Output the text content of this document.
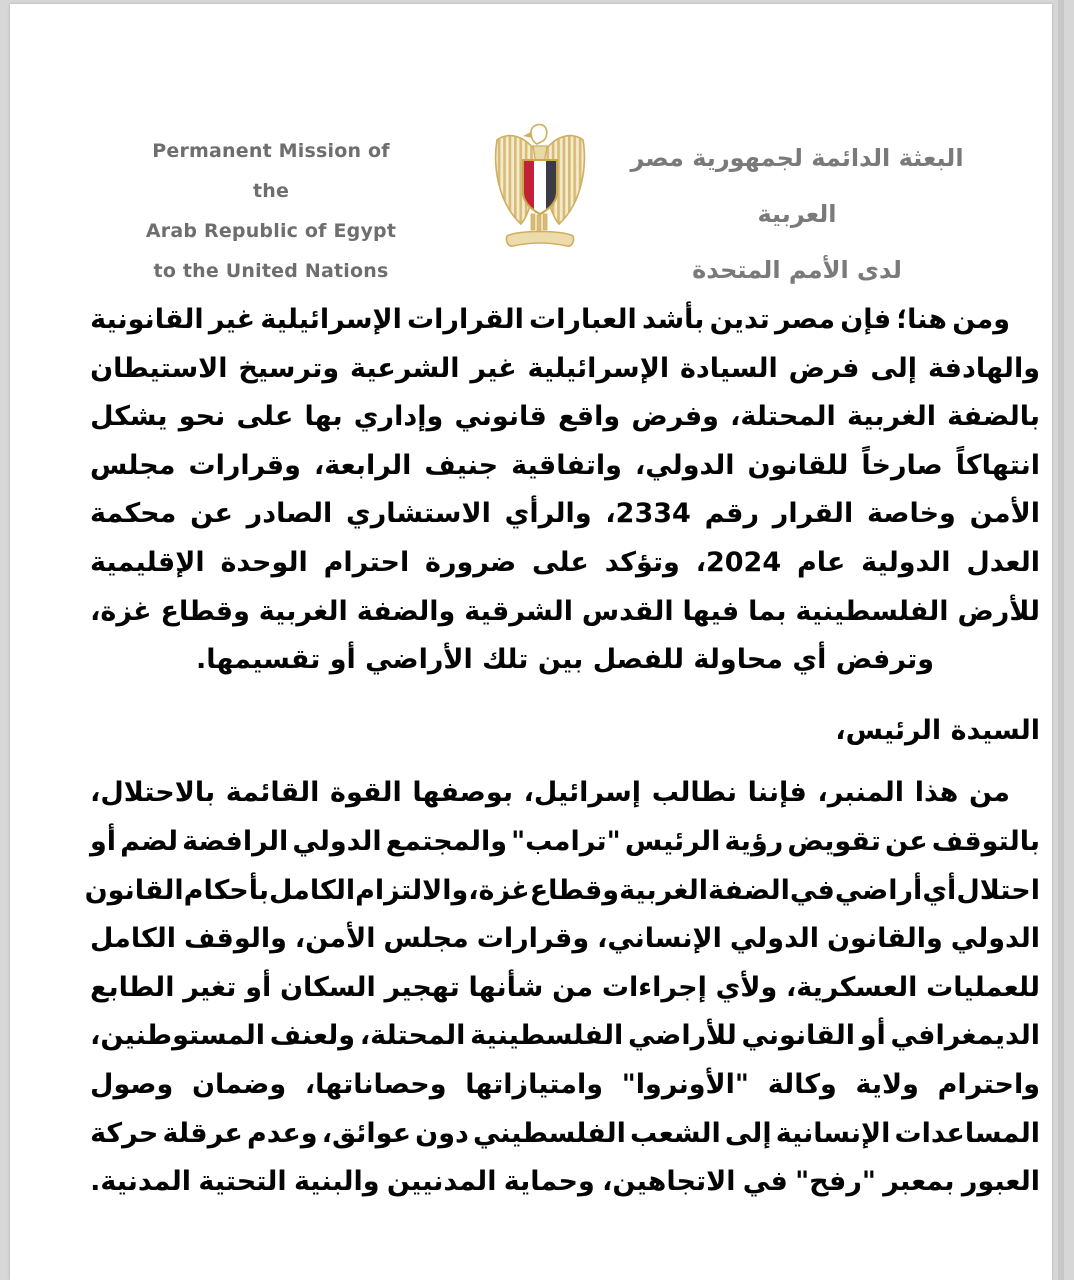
Permanent Mission of the
Arab Republic of Egypt
to the United Nations
البعثة الدائمة لجمهورية مصر العربية
لدى الأمم المتحدة
ومن
هنا؛
فإن
مصر
تدين
بأشد
العبارات
القرارات
الإسرائيلية
غير
القانونية
والهادفة
إلى
فرض
السيادة
الإسرائيلية
غير
الشرعية
وترسيخ
الاستيطان
بالضفة
الغربية
المحتلة،
وفرض
واقع
قانوني
وإداري
بها
على
نحو
يشكل
انتهاكاً
صارخاً
للقانون
الدولي،
واتفاقية
جنيف
الرابعة،
وقرارات
مجلس
الأمن
وخاصة
القرار
رقم
2334،
والرأي
الاستشاري
الصادر
عن
محكمة
العدل
الدولية
عام
2024،
وتؤكد
على
ضرورة
احترام
الوحدة
الإقليمية
للأرض
الفلسطينية
بما
فيها
القدس
الشرقية
والضفة
الغربية
وقطاع
غزة،
وترفض أي محاولة للفصل بين تلك الأراضي أو تقسيمها.
السيدة الرئيس،
من
هذا
المنبر،
فإننا
نطالب
إسرائيل،
بوصفها
القوة
القائمة
بالاحتلال،
بالتوقف
عن
تقويض
رؤية
الرئيس
"ترامب"
والمجتمع
الدولي
الرافضة
لضم
أو
احتلال
أي
أراضي
في
الضفة
الغربية
وقطاع
غزة،
والالتزام
الكامل
بأحكام
القانون
الدولي
والقانون
الدولي
الإنساني،
وقرارات
مجلس
الأمن،
والوقف
الكامل
للعمليات
العسكرية،
ولأي
إجراءات
من
شأنها
تهجير
السكان
أو
تغير
الطابع
الديمغرافي
أو
القانوني
للأراضي
الفلسطينية
المحتلة،
ولعنف
المستوطنين،
واحترام
ولاية
وكالة
"الأونروا"
وامتيازاتها
وحصاناتها،
وضمان
وصول
المساعدات
الإنسانية
إلى
الشعب
الفلسطيني
دون
عوائق،
وعدم
عرقلة
حركة
العبور
بمعبر
"رفح"
في
الاتجاهين،
وحماية
المدنيين
والبنية
التحتية
المدنية.
